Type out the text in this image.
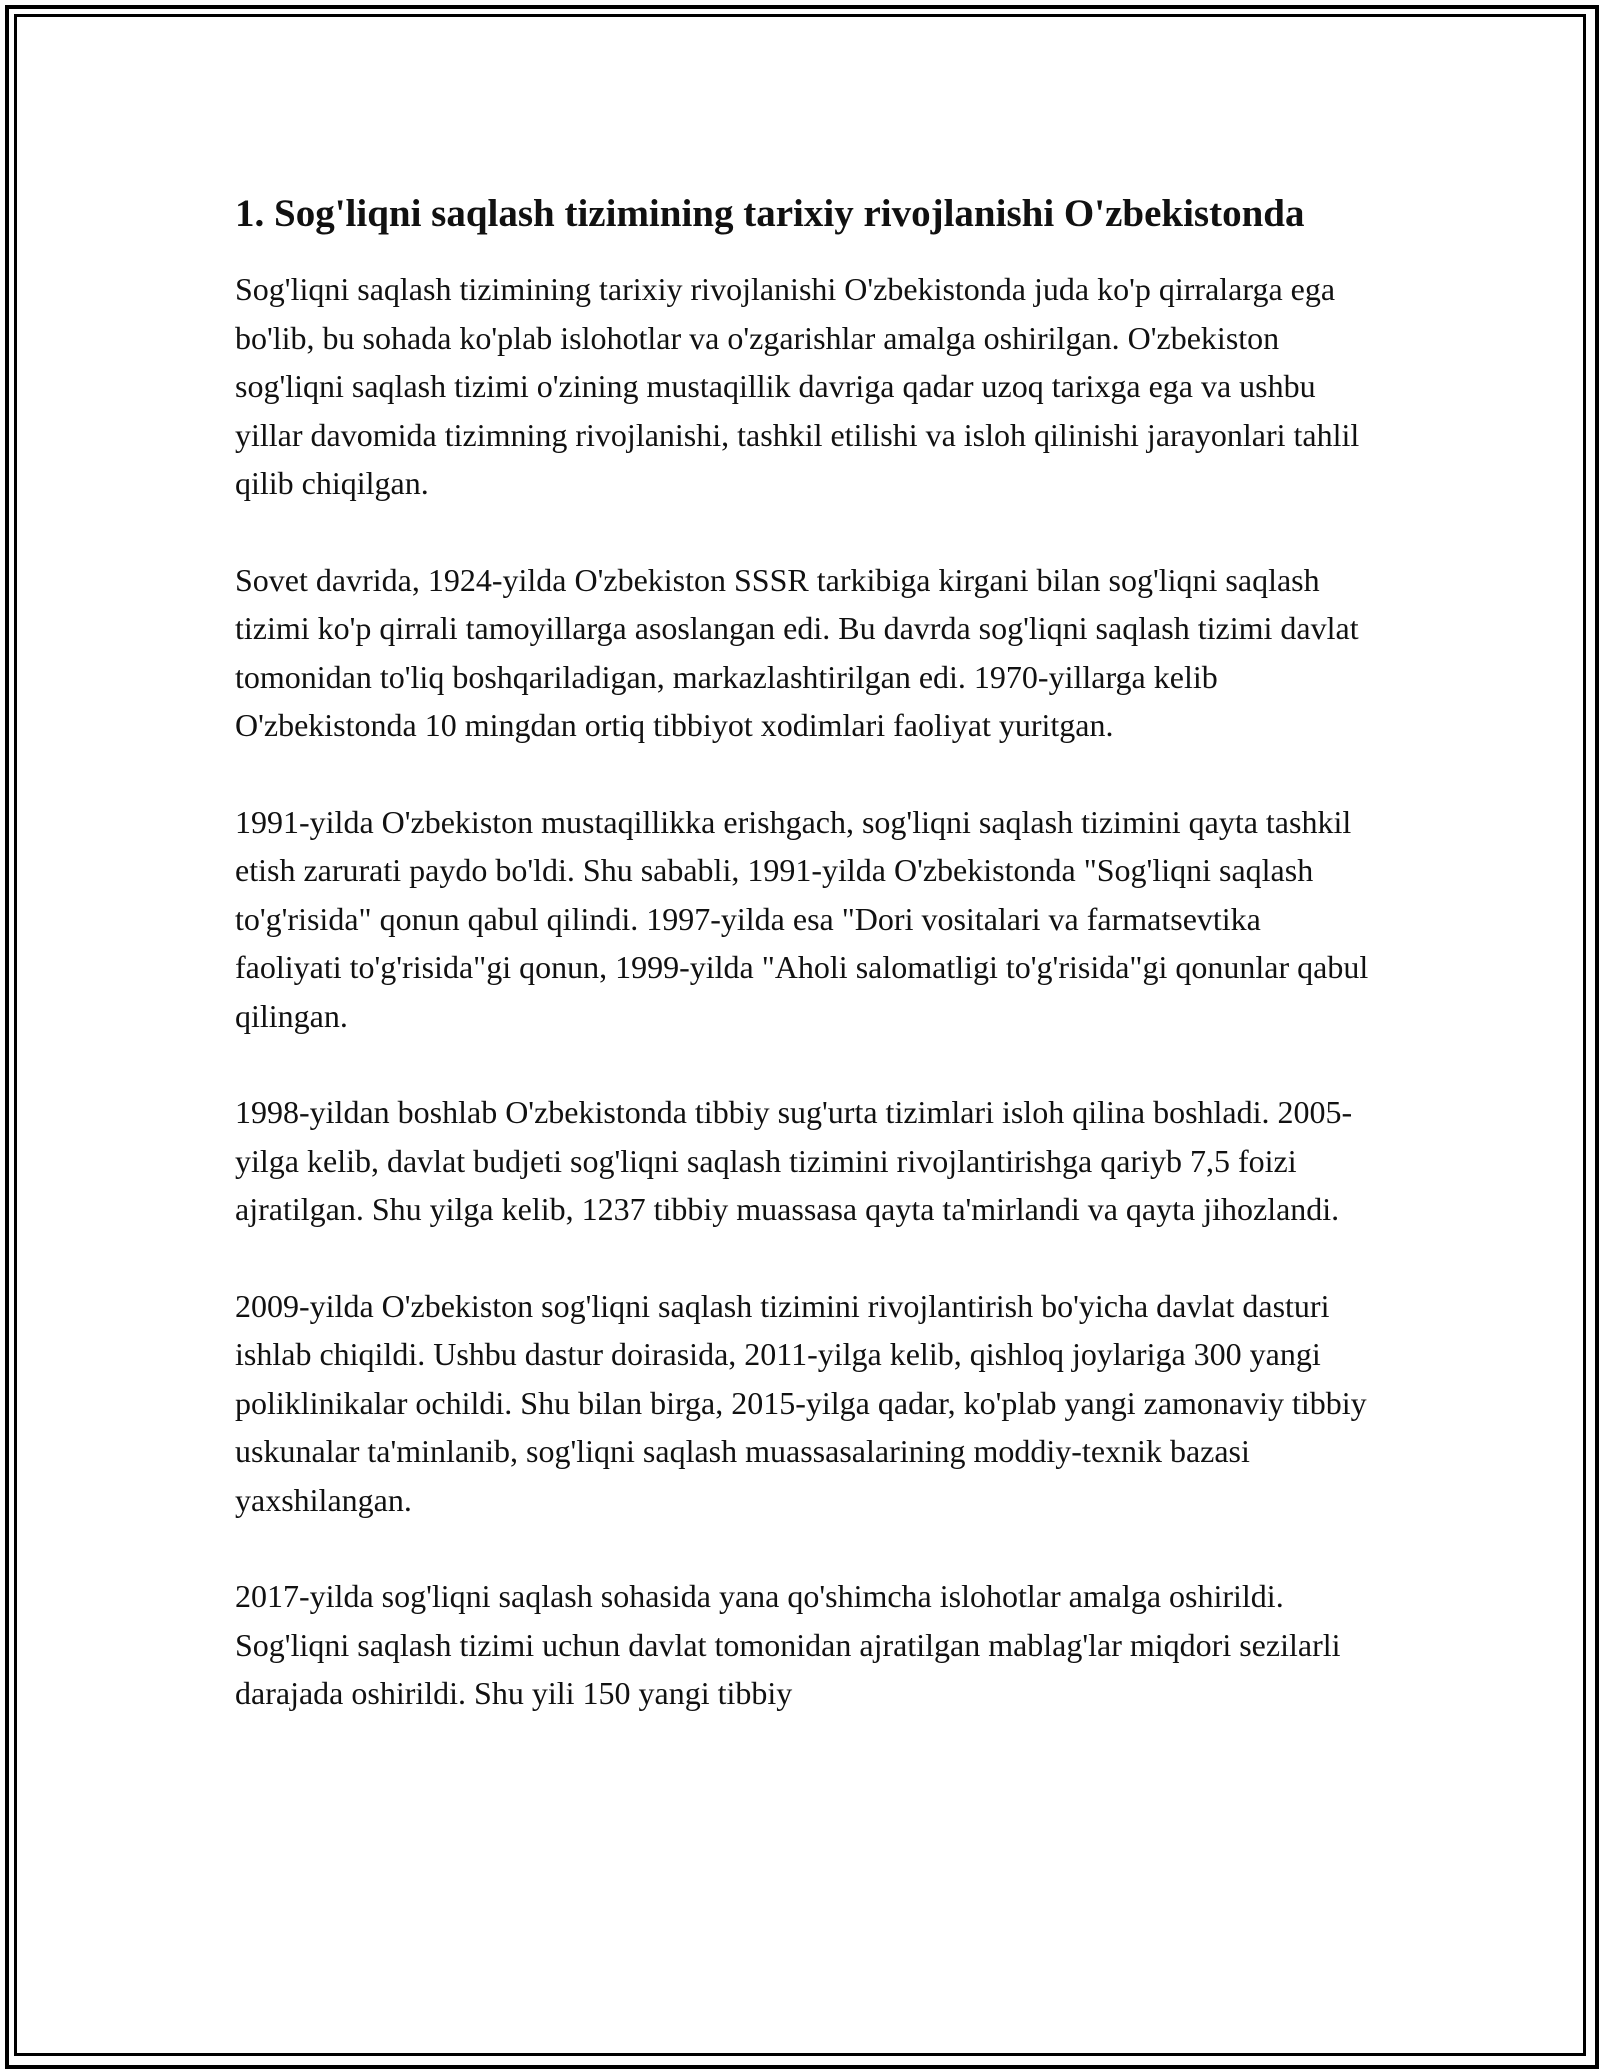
1. Sog'liqni saqlash tizimining tarixiy rivojlanishi O'zbekistonda

Sog'liqni saqlash tizimining tarixiy rivojlanishi O'zbekistonda juda ko'p qirralarga ega bo'lib, bu sohada ko'plab islohotlar va o'zgarishlar amalga oshirilgan. O'zbekiston sog'liqni saqlash tizimi o'zining mustaqillik davriga qadar uzoq tarixga ega va ushbu yillar davomida tizimning rivojlanishi, tashkil etilishi va isloh qilinishi jarayonlari tahlil qilib chiqilgan.

Sovet davrida, 1924-yilda O'zbekiston SSSR tarkibiga kirgani bilan sog'liqni saqlash tizimi ko'p qirrali tamoyillarga asoslangan edi. Bu davrda sog'liqni saqlash tizimi davlat tomonidan to'liq boshqariladigan, markazlashtirilgan edi. 1970-yillarga kelib O'zbekistonda 10 mingdan ortiq tibbiyot xodimlari faoliyat yuritgan.

1991-yilda O'zbekiston mustaqillikka erishgach, sog'liqni saqlash tizimini qayta tashkil etish zarurati paydo bo'ldi. Shu sababli, 1991-yilda O'zbekistonda "Sog'liqni saqlash to'g'risida" qonun qabul qilindi. 1997-yilda esa "Dori vositalari va farmatsevtika faoliyati to'g'risida"gi qonun, 1999-yilda "Aholi salomatligi to'g'risida"gi qonunlar qabul qilingan.

1998-yildan boshlab O'zbekistonda tibbiy sug'urta tizimlari isloh qilina boshladi. 2005-yilga kelib, davlat budjeti sog'liqni saqlash tizimini rivojlantirishga qariyb 7,5 foizi ajratilgan. Shu yilga kelib, 1237 tibbiy muassasa qayta ta'mirlandi va qayta jihozlandi.

2009-yilda O'zbekiston sog'liqni saqlash tizimini rivojlantirish bo'yicha davlat dasturi ishlab chiqildi. Ushbu dastur doirasida, 2011-yilga kelib, qishloq joylariga 300 yangi poliklinikalar ochildi. Shu bilan birga, 2015-yilga qadar, ko'plab yangi zamonaviy tibbiy uskunalar ta'minlanib, sog'liqni saqlash muassasalarining moddiy-texnik bazasi yaxshilangan.

2017-yilda sog'liqni saqlash sohasida yana qo'shimcha islohotlar amalga oshirildi. Sog'liqni saqlash tizimi uchun davlat tomonidan ajratilgan mablag'lar miqdori sezilarli darajada oshirildi. Shu yili 150 yangi tibbiy
